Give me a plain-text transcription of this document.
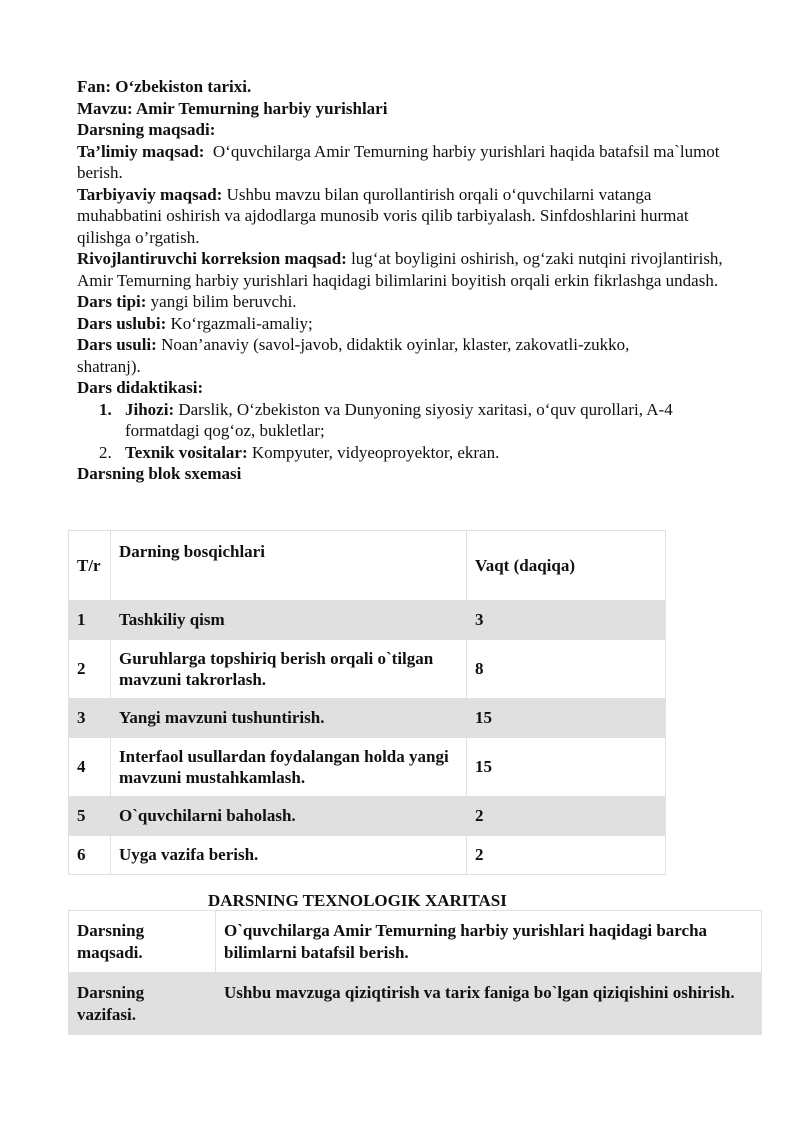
Fan: O‘zbekiston tarixi.

Mavzu: Amir Temurning harbiy yurishlari

Darsning maqsadi:

Ta’limiy maqsad: O‘quvchilarga Amir Temurning harbiy yurishlari haqida batafsil ma`lumot berish.

Tarbiyaviy maqsad: Ushbu mavzu bilan qurollantirish orqali o‘quvchilarni vatanga muhabbatini oshirish va ajdodlarga munosib voris qilib tarbiyalash. Sinfdoshlarini hurmat qilishga o’rgatish.

Rivojlantiruvchi korreksion maqsad: lug‘at boyligini oshirish, og‘zaki nutqini rivojlantirish, Amir Temurning harbiy yurishlari haqidagi bilimlarini boyitish orqali erkin fikrlashga undash.

Dars tipi: yangi bilim beruvchi.

Dars uslubi: Ko‘rgazmali-amaliy;

Dars usuli: Noan’anaviy (savol-javob, didaktik oyinlar, klaster, zakovatli-zukko, shatranj).

Dars didaktikasi:

1. Jihozi: Darslik, O‘zbekiston va Dunyoning siyosiy xaritasi, o‘quv qurollari, A-4 formatdagi qog‘oz, bukletlar;
2. Texnik vositalar: Kompyuter, vidyeoproyektor, ekran.

Darsning blok sxemasi

T/r	Darning bosqichlari	Vaqt (daqiqa)
1	Tashkiliy qism	3
2	Guruhlarga topshiriq berish orqali o`tilgan mavzuni takrorlash.	8
3	Yangi mavzuni tushuntirish.	15
4	Interfaol usullardan foydalangan holda yangi mavzuni mustahkamlash.	15
5	O`quvchilarni baholash.	2
6	Uyga vazifa berish.	2
DARSNING TEXNOLOGIK XARITASI
Darsning maqsadi.	O`quvchilarga Amir Temurning harbiy yurishlari haqidagi barcha bilimlarni batafsil berish.
Darsning vazifasi.	Ushbu mavzuga qiziqtirish va tarix faniga bo`lgan qiziqishini oshirish.
